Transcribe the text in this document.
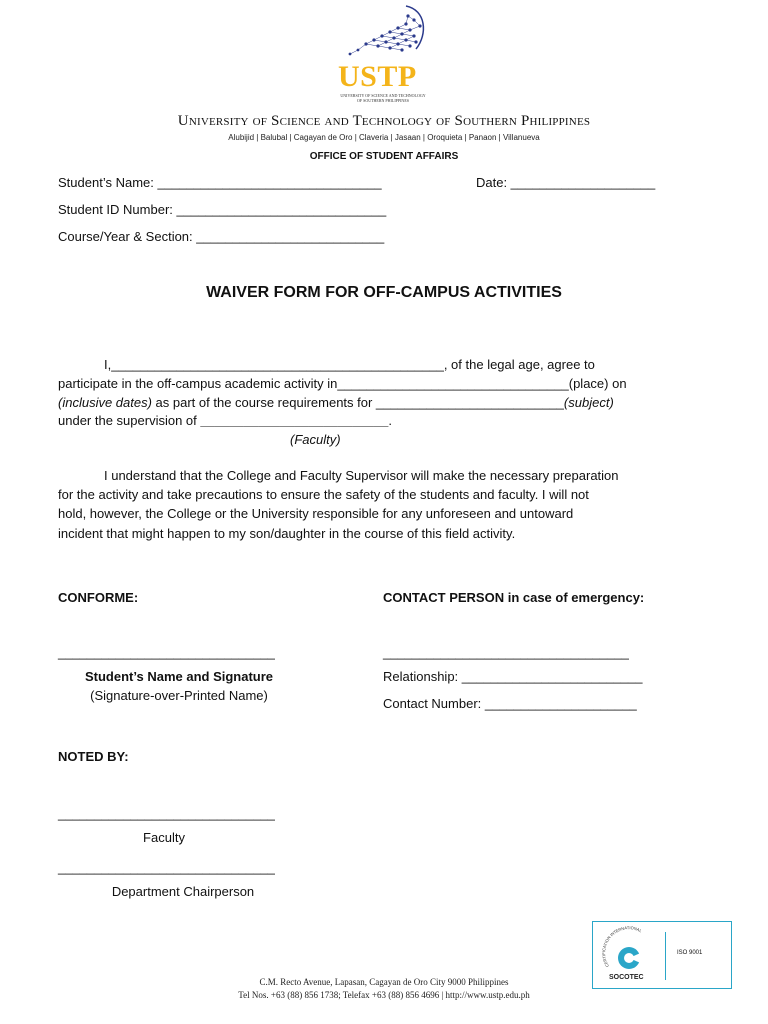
USTP
UNIVERSITY OF SCIENCE AND TECHNOLOGY OF SOUTHERN PHILIPPINES
University of Science and Technology of Southern Philippines
Alubijid | Balubal | Cagayan de Oro | Claveria | Jasaan | Oroquieta | Panaon | Villanueva
OFFICE OF STUDENT AFFAIRS
Student’s Name: _______________________________	Date: ____________________
Student ID Number: _____________________________
Course/Year & Section: __________________________
WAIVER FORM FOR OFF-CAMPUS ACTIVITIES
I,______________________________________________, of the legal age, agree to
participate in the off-campus academic activity in________________________________(place) on
(inclusive dates) as part of the course requirements for __________________________(subject)
under the supervision of __________________________.
(Faculty)
I understand that the College and Faculty Supervisor will make the necessary preparation
for the activity and take precautions to ensure the safety of the students and faculty. I will not
hold, however, the College or the University responsible for any unforeseen and untoward
incident that might happen to my son/daughter in the course of this field activity.
CONFORME:
______________________________
Student’s Name and Signature
(Signature-over-Printed Name)
CONTACT PERSON in case of emergency:
__________________________________
Relationship: _________________________
Contact Number: _____________________
NOTED BY:
______________________________
Faculty
______________________________
Department Chairperson
CERTIFICATION INTERNATIONAL
ISO 9001
SOCOTEC
C.M. Recto Avenue, Lapasan, Cagayan de Oro City 9000 Philippines
Tel Nos. +63 (88) 856 1738; Telefax +63 (88) 856 4696 | http://www.ustp.edu.ph
